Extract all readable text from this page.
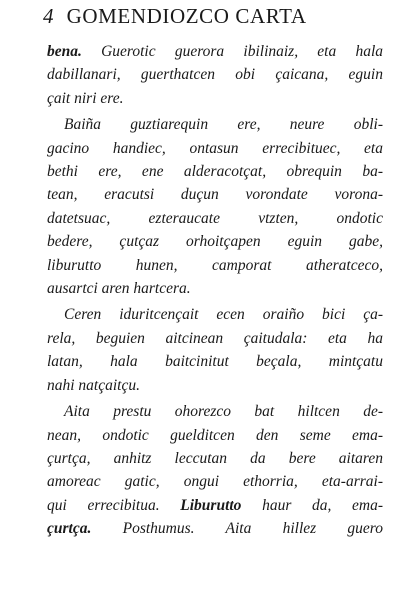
4 GOMENDIOZCO CARTA
bena. Guerotic guerora ibilinaiz, eta hala
dabillanari, guerthatcen obi çaicana, eguin
çait niri ere.
Baiña guztiarequin ere, neure obli-
gacino handiec, ontasun errecibituec, eta
bethi ere, ene alderacotçat, obrequin ba-
tean, eracutsi duçun vorondate vorona-
datetsuac, ezteraucate vtzten, ondotic
bedere, çutçaz orhoitçapen eguin gabe,
liburutto hunen, camporat atheratceco,
ausartci aren hartcera.
Ceren iduritcençait ecen oraiño bici ça-
rela, beguien aitcinean çaitudala: eta ha
latan, hala baitcinitut beçala, mintçatu
nahi natçaitçu.
Aita prestu ohorezco bat hiltcen de-
nean, ondotic guelditcen den seme ema-
çurtça, anhitz leccutan da bere aitaren
amoreac gatic, ongui ethorria, eta-arrai-
qui errecibitua. Liburutto haur da, ema-
çurtça. Posthumus. Aita hillez guero
